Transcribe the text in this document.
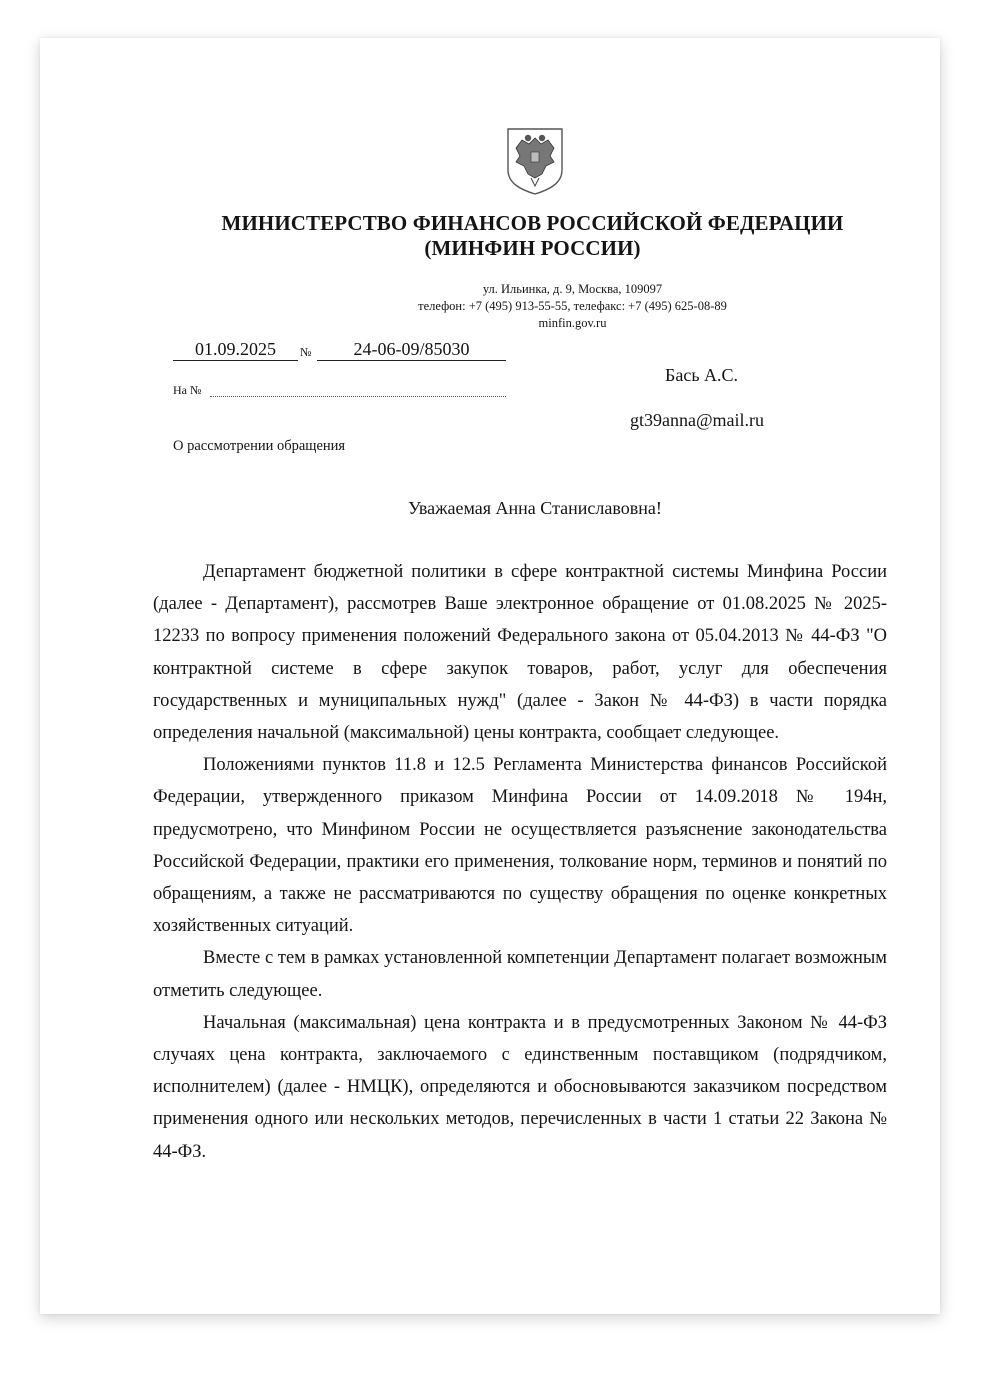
МИНИСТЕРСТВО ФИНАНСОВ РОССИЙСКОЙ ФЕДЕРАЦИИ
(МИНФИН РОССИИ)
ул. Ильинка, д. 9, Москва, 109097
телефон: +7 (495) 913-55-55, телефакс: +7 (495) 625-08-89
minfin.gov.ru
01.09.2025	№	24-06-09/85030
На №
Бась А.С.
gt39anna@mail.ru
О рассмотрении обращения
Уважаемая Анна Станиславовна!

Департамент бюджетной политики в сфере контрактной системы Минфина России (далее - Департамент), рассмотрев Ваше электронное обращение от 01.08.2025 № 2025-12233 по вопросу применения положений Федерального закона от 05.04.2013 № 44-ФЗ "О контрактной системе в сфере закупок товаров, работ, услуг для обеспечения государственных и муниципальных нужд" (далее - Закон № 44-ФЗ) в части порядка определения начальной (максимальной) цены контракта, сообщает следующее.

Положениями пунктов 11.8 и 12.5 Регламента Министерства финансов Российской Федерации, утвержденного приказом Минфина России от 14.09.2018 № 194н, предусмотрено, что Минфином России не осуществляется разъяснение законодательства Российской Федерации, практики его применения, толкование норм, терминов и понятий по обращениям, а также не рассматриваются по существу обращения по оценке конкретных хозяйственных ситуаций.

Вместе с тем в рамках установленной компетенции Департамент полагает возможным отметить следующее.

Начальная (максимальная) цена контракта и в предусмотренных Законом № 44-ФЗ случаях цена контракта, заключаемого с единственным поставщиком (подрядчиком, исполнителем) (далее - НМЦК), определяются и обосновываются заказчиком посредством применения одного или нескольких методов, перечисленных в части 1 статьи 22 Закона № 44-ФЗ.
